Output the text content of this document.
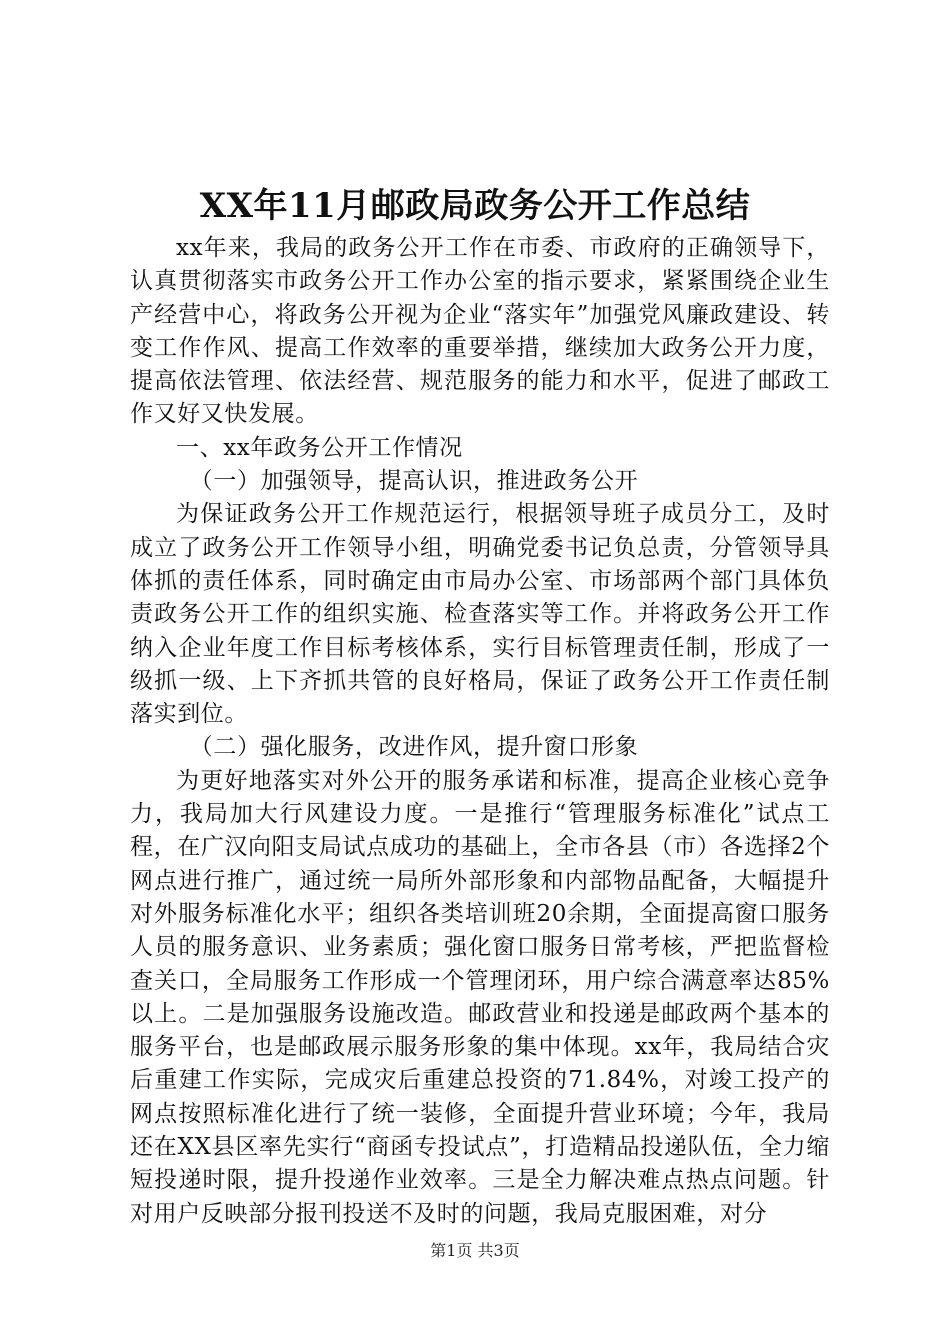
XX年11月邮政局政务公开工作总结

xx年来，我局的政务公开工作在市委、市政府的正确领导下，认真贯彻落实市政务公开工作办公室的指示要求，紧紧围绕企业生产经营中心，将政务公开视为企业“落实年”加强党风廉政建设、转变工作作风、提高工作效率的重要举措，继续加大政务公开力度，提高依法管理、依法经营、规范服务的能力和水平，促进了邮政工作又好又快发展。

一、xx年政务公开工作情况

（一）加强领导，提高认识，推进政务公开

为保证政务公开工作规范运行，根据领导班子成员分工，及时成立了政务公开工作领导小组，明确党委书记负总责，分管领导具体抓的责任体系，同时确定由市局办公室、市场部两个部门具体负责政务公开工作的组织实施、检查落实等工作。并将政务公开工作纳入企业年度工作目标考核体系，实行目标管理责任制，形成了一级抓一级、上下齐抓共管的良好格局，保证了政务公开工作责任制落实到位。

（二）强化服务，改进作风，提升窗口形象

为更好地落实对外公开的服务承诺和标准，提高企业核心竞争力，我局加大行风建设力度。一是推行“管理服务标准化”试点工程，在广汉向阳支局试点成功的基础上，全市各县（市）各选择2个网点进行推广，通过统一局所外部形象和内部物品配备，大幅提升对外服务标准化水平；组织各类培训班20余期，全面提高窗口服务人员的服务意识、业务素质；强化窗口服务日常考核，严把监督检查关口，全局服务工作形成一个管理闭环，用户综合满意率达85%以上。二是加强服务设施改造。邮政营业和投递是邮政两个基本的服务平台，也是邮政展示服务形象的集中体现。xx年，我局结合灾后重建工作实际，完成灾后重建总投资的71.84%，对竣工投产的网点按照标准化进行了统一装修，全面提升营业环境；今年，我局还在XX县区率先实行“商函专投试点”，打造精品投递队伍，全力缩短投递时限，提升投递作业效率。三是全力解决难点热点问题。针对用户反映部分报刊投送不及时的问题，我局克服困难，对分

第1页 共3页
